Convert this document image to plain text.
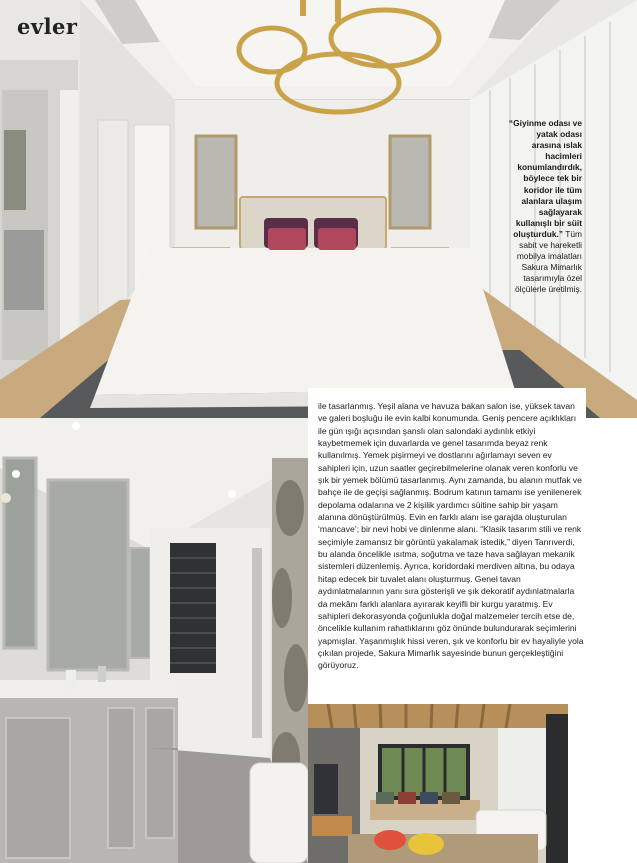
evler
“Giyinme odası ve yatak odası arasına ıslak hacimleri konumlandırdık, böylece tek bir koridor ile tüm alanlara ulaşım sağlayarak kullanışlı bir süit oluşturduk.” Tüm sabit ve hareketli mobilya imalatları Sakura Mimarlık tasarımıyla özel ölçülerle üretilmiş.

ile tasarlanmış. Yeşil alana ve havuza bakan salon ise, yüksek tavan ve galeri boşluğu ile evin kalbi konumunda. Geniş pencere açıklıkları ile gün ışığı açısından şanslı olan salondaki aydınlık etkiyi kaybetmemek için duvarlarda ve genel tasarımda beyaz renk kullanılmış. Yemek pişirmeyi ve dostlarını ağırlamayı seven ev sahipleri için, uzun saatler geçirebilmelerine olanak veren konforlu ve şık bir yemek bölümü tasarlanmış. Aynı zamanda, bu alanın mutfak ve bahçe ile de geçişi sağlanmış. Bodrum katının tamamı ise yenilenerek depolama odalarına ve 2 kişilik yardımcı süitine sahip bir yaşam alanına dönüştürülmüş. Evin en farklı alanı ise garajda oluşturulan ‘mancave’; bir nevi hobi ve dinlenme alanı. “Klasik tasarım stili ve renk seçimiyle zamansız bir görüntü yakalamak istedik,” diyen Tanrıverdi, bu alanda öncelikle ısıtma, soğutma ve taze hava sağlayan mekanik sistemleri düzenlemiş. Ayrıca, koridordaki merdiven altına, bu odaya hitap edecek bir tuvalet alanı oluşturmuş. Genel tavan aydınlatmalarının yanı sıra gösterişli ve şık dekoratif aydınlatmalarla da mekânı farklı alanlara ayırarak keyifli bir kurgu yaratmış. Ev sahipleri dekorasyonda çoğunlukla doğal malzemeler tercih etse de, öncelikle kullanım rahatlıklarını göz önünde bulundurarak seçimlerini yapmışlar. Yaşanmışlık hissi veren, şık ve konforlu bir ev hayaliyle yola çıkılan projede, Sakura Mimarlık sayesinde bunun gerçekleştiğini görüyoruz.
